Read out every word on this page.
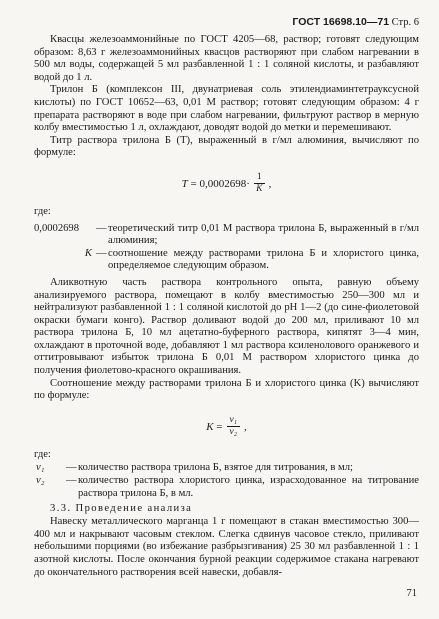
ГОСТ 16698.10—71 Стр. 6

Квасцы железоаммонийные по ГОСТ 4205—68, раствор; готовят следующим образом: 8,63 г железоаммонийных квасцов растворяют при слабом нагревании в 500 мл воды, содержащей 5 мл разбавленной 1 : 1 соляной кислоты, и разбавляют водой до 1 л.

Трилон Б (комплексон III, двунатриевая соль этилендиаминтетрауксусной кислоты) по ГОСТ 10652—63, 0,01 М раствор; готовят следующим образом: 4 г препарата растворяют в воде при слабом нагревании, фильтруют раствор в мерную колбу вместимостью 1 л, охлаждают, доводят водой до метки и перемешивают.

Титр раствора трилона Б (T), выраженный в г/мл алюминия, вычисляют по формуле:

T
=
$0,0002698 \cdot \frac{1}{K}$ ,

где:

0,0002698	— теоретический титр 0,01 М раствора трилона Б, выраженный в г/мл алюминия;
K — соотношение между растворами трилона Б и хлористого цинка, определяемое следующим образом.

Аликвотную часть раствора контрольного опыта, равную объему анализируемого раствора, помещают в колбу вместимостью 250—300 мл и нейтрализуют разбавленной 1 : 1 соляной кислотой до pH 1—2 (до сине-фиолетовой окраски бумаги конго). Раствор доливают водой до 200 мл, приливают 10 мл раствора трилона Б, 10 мл ацетатно-буферного раствора, кипятят 3—4 мин, охлаждают в проточной воде, добавляют 1 мл раствора ксиленолового оранжевого и оттитровывают избыток трилона Б 0,01 М раствором хлористого цинка до получения фиолетово-красного окрашивания.

Соотношение между растворами трилона Б и хлористого цинка (K) вычисляют по формуле:

K
= $\frac{\text{v₁}}{\text{v₂}}$ ,

где:

v₁	— количество раствора трилона Б, взятое для титрования, в мл;
v₂	— количество раствора хлористого цинка, израсходованное на титрование раствора трилона Б, в мл.

3.3. Проведение анализа

Навеску металлического марганца 1 г помещают в стакан вместимостью 300—400 мл и накрывают часовым стеклом. Слегка сдвинув часовое стекло, приливают небольшими порциями (во избежание разбрызгивания) 25 30 мл разбавленной 1 : 1 азотной кислоты. После окончания бурной реакции содержимое стакана нагревают до окончательного растворения всей навески, добавля-

71
